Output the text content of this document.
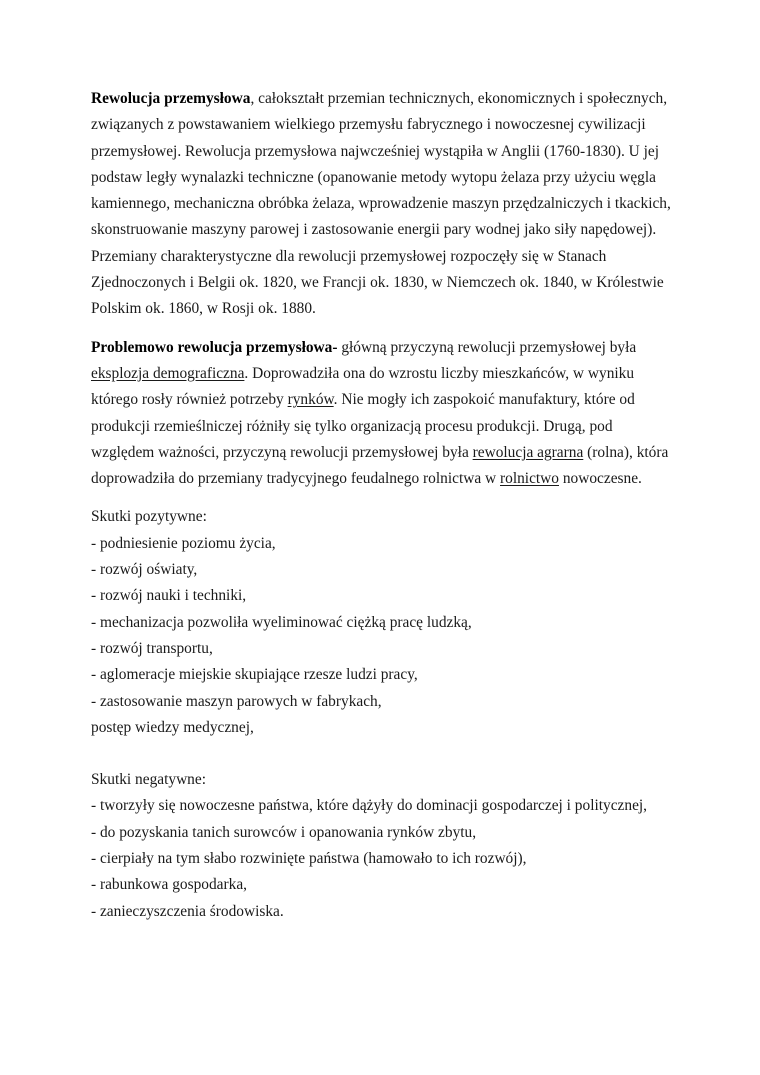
Rewolucja przemysłowa, całokształt przemian technicznych, ekonomicznych i społecznych, związanych z powstawaniem wielkiego przemysłu fabrycznego i nowoczesnej cywilizacji przemysłowej. Rewolucja przemysłowa najwcześniej wystąpiła w Anglii (1760-1830). U jej podstaw legły wynalazki techniczne (opanowanie metody wytopu żelaza przy użyciu węgla kamiennego, mechaniczna obróbka żelaza, wprowadzenie maszyn przędzalniczych i tkackich, skonstruowanie maszyny parowej i zastosowanie energii pary wodnej jako siły napędowej). Przemiany charakterystyczne dla rewolucji przemysłowej rozpoczęły się w Stanach Zjednoczonych i Belgii ok. 1820, we Francji ok. 1830, w Niemczech ok. 1840, w Królestwie Polskim ok. 1860, w Rosji ok. 1880.

Problemowo rewolucja przemysłowa- główną przyczyną rewolucji przemysłowej była eksplozja demograficzna. Doprowadziła ona do wzrostu liczby mieszkańców, w wyniku którego rosły również potrzeby rynków. Nie mogły ich zaspokoić manufaktury, które od produkcji rzemieślniczej różniły się tylko organizacją procesu produkcji. Drugą, pod względem ważności, przyczyną rewolucji przemysłowej była rewolucja agrarna (rolna), która doprowadziła do przemiany tradycyjnego feudalnego rolnictwa w rolnictwo nowoczesne.

Skutki pozytywne:

- podniesienie poziomu życia,
- rozwój oświaty,
- rozwój nauki i techniki,
- mechanizacja pozwoliła wyeliminować ciężką pracę ludzką,
- rozwój transportu,
- aglomeracje miejskie skupiające rzesze ludzi pracy,
- zastosowanie maszyn parowych w fabrykach,
postęp wiedzy medycznej,

Skutki negatywne:

- tworzyły się nowoczesne państwa, które dążyły do dominacji gospodarczej i politycznej,
- do pozyskania tanich surowców i opanowania rynków zbytu,
- cierpiały na tym słabo rozwinięte państwa (hamowało to ich rozwój),
- rabunkowa gospodarka,
- zanieczyszczenia środowiska.
